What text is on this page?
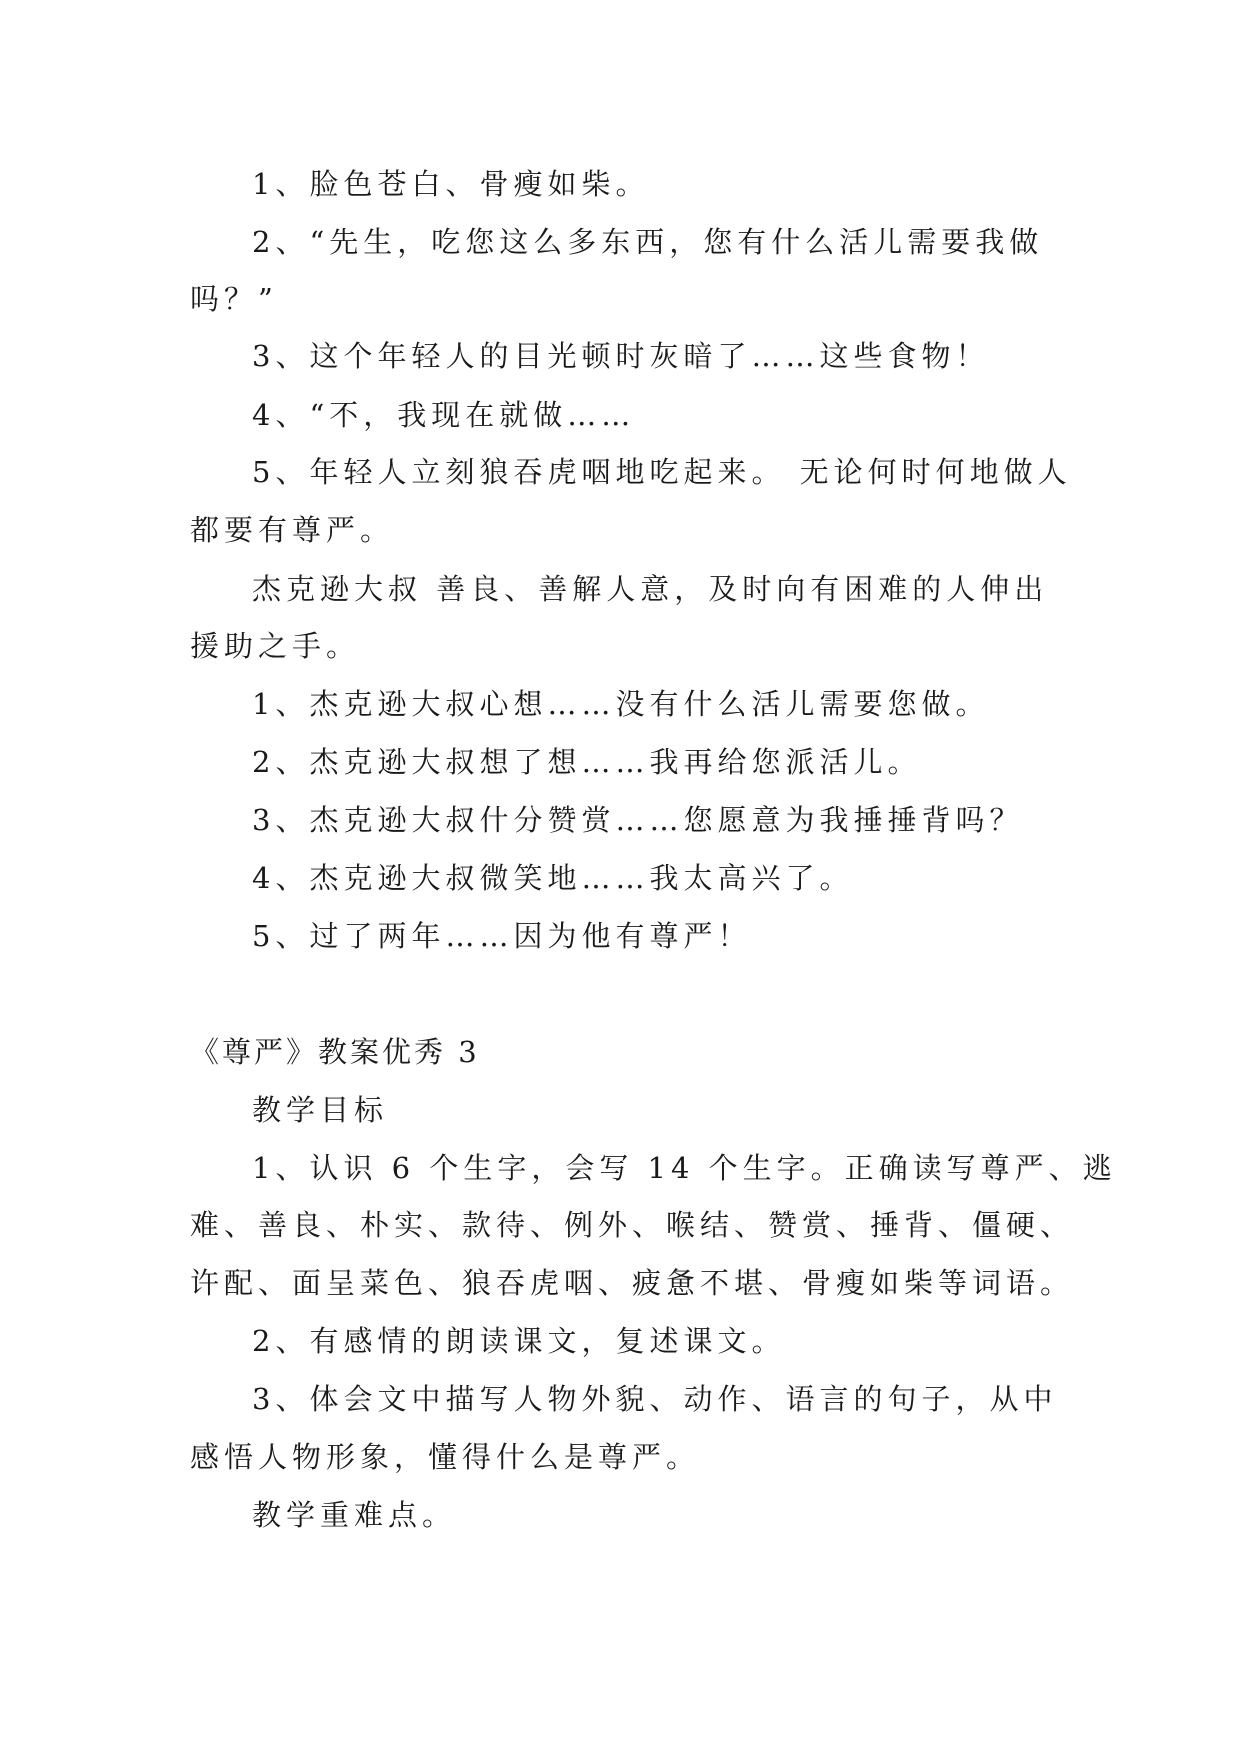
1、脸色苍白、骨瘦如柴。
2、“先生，吃您这么多东西，您有什么活儿需要我做
吗？”
3、这个年轻人的目光顿时灰暗了……这些食物！
4、“不，我现在就做……
5、年轻人立刻狼吞虎咽地吃起来。 无论何时何地做人
都要有尊严。
杰克逊大叔 善良、善解人意，及时向有困难的人伸出
援助之手。
1、杰克逊大叔心想……没有什么活儿需要您做。
2、杰克逊大叔想了想……我再给您派活儿。
3、杰克逊大叔什分赞赏……您愿意为我捶捶背吗？
4、杰克逊大叔微笑地……我太高兴了。
5、过了两年……因为他有尊严！
《尊严》教案优秀 3
教学目标
1、认识 6 个生字，会写 14 个生字。正确读写尊严、逃
难、善良、朴实、款待、例外、喉结、赞赏、捶背、僵硬、
许配、面呈菜色、狼吞虎咽、疲惫不堪、骨瘦如柴等词语。
2、有感情的朗读课文，复述课文。
3、体会文中描写人物外貌、动作、语言的句子，从中
感悟人物形象，懂得什么是尊严。
教学重难点。
